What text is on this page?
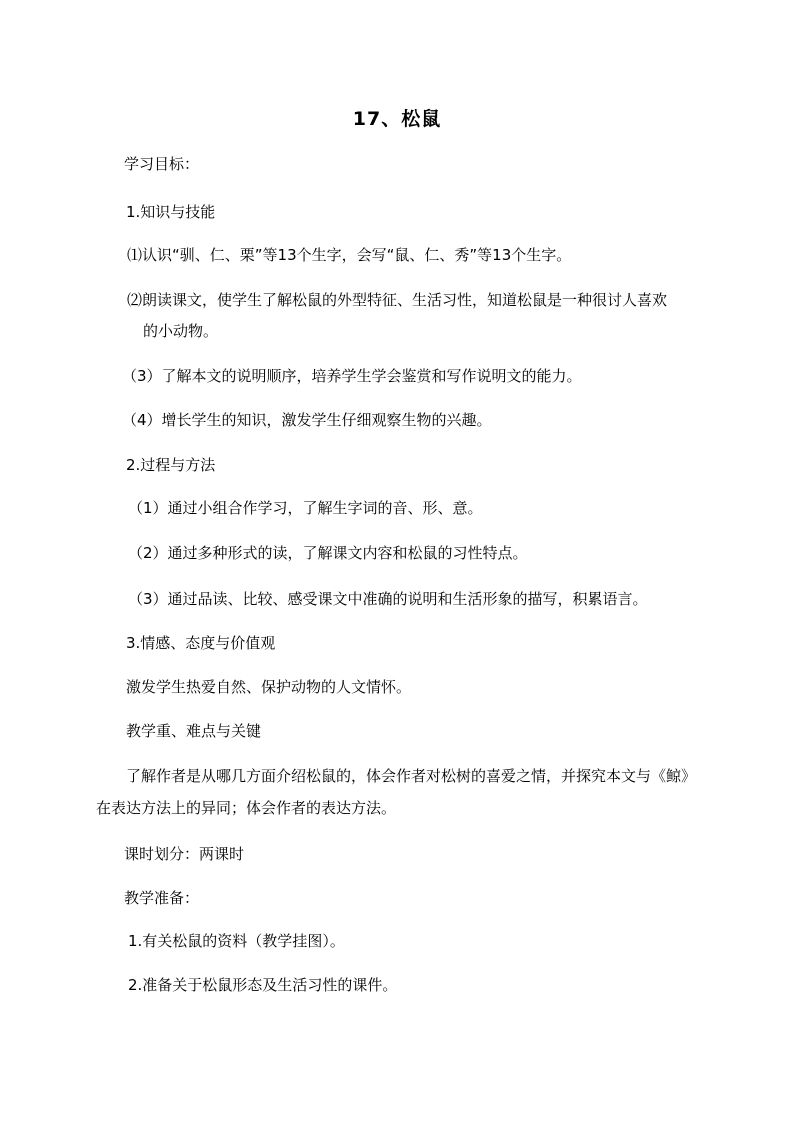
17、松鼠
学习目标：
1.知识与技能
⑴认识“驯、仁、栗”等13个生字，会写“鼠、仁、秀”等13个生字。
⑵朗读课文，使学生了解松鼠的外型特征、生活习性，知道松鼠是一种很讨人喜欢
的小动物。
（3）了解本文的说明顺序，培养学生学会鉴赏和写作说明文的能力。
（4）增长学生的知识，激发学生仔细观察生物的兴趣。
2.过程与方法
（1）通过小组合作学习，了解生字词的音、形、意。
（2）通过多种形式的读，了解课文内容和松鼠的习性特点。
（3）通过品读、比较、感受课文中准确的说明和生活形象的描写，积累语言。
3.情感、态度与价值观
激发学生热爱自然、保护动物的人文情怀。
教学重、难点与关键
了解作者是从哪几方面介绍松鼠的，体会作者对松树的喜爱之情，并探究本文与《鲸》
在表达方法上的异同；体会作者的表达方法。
课时划分：两课时
教学准备：
1.有关松鼠的资料（教学挂图）。
2.准备关于松鼠形态及生活习性的课件。
